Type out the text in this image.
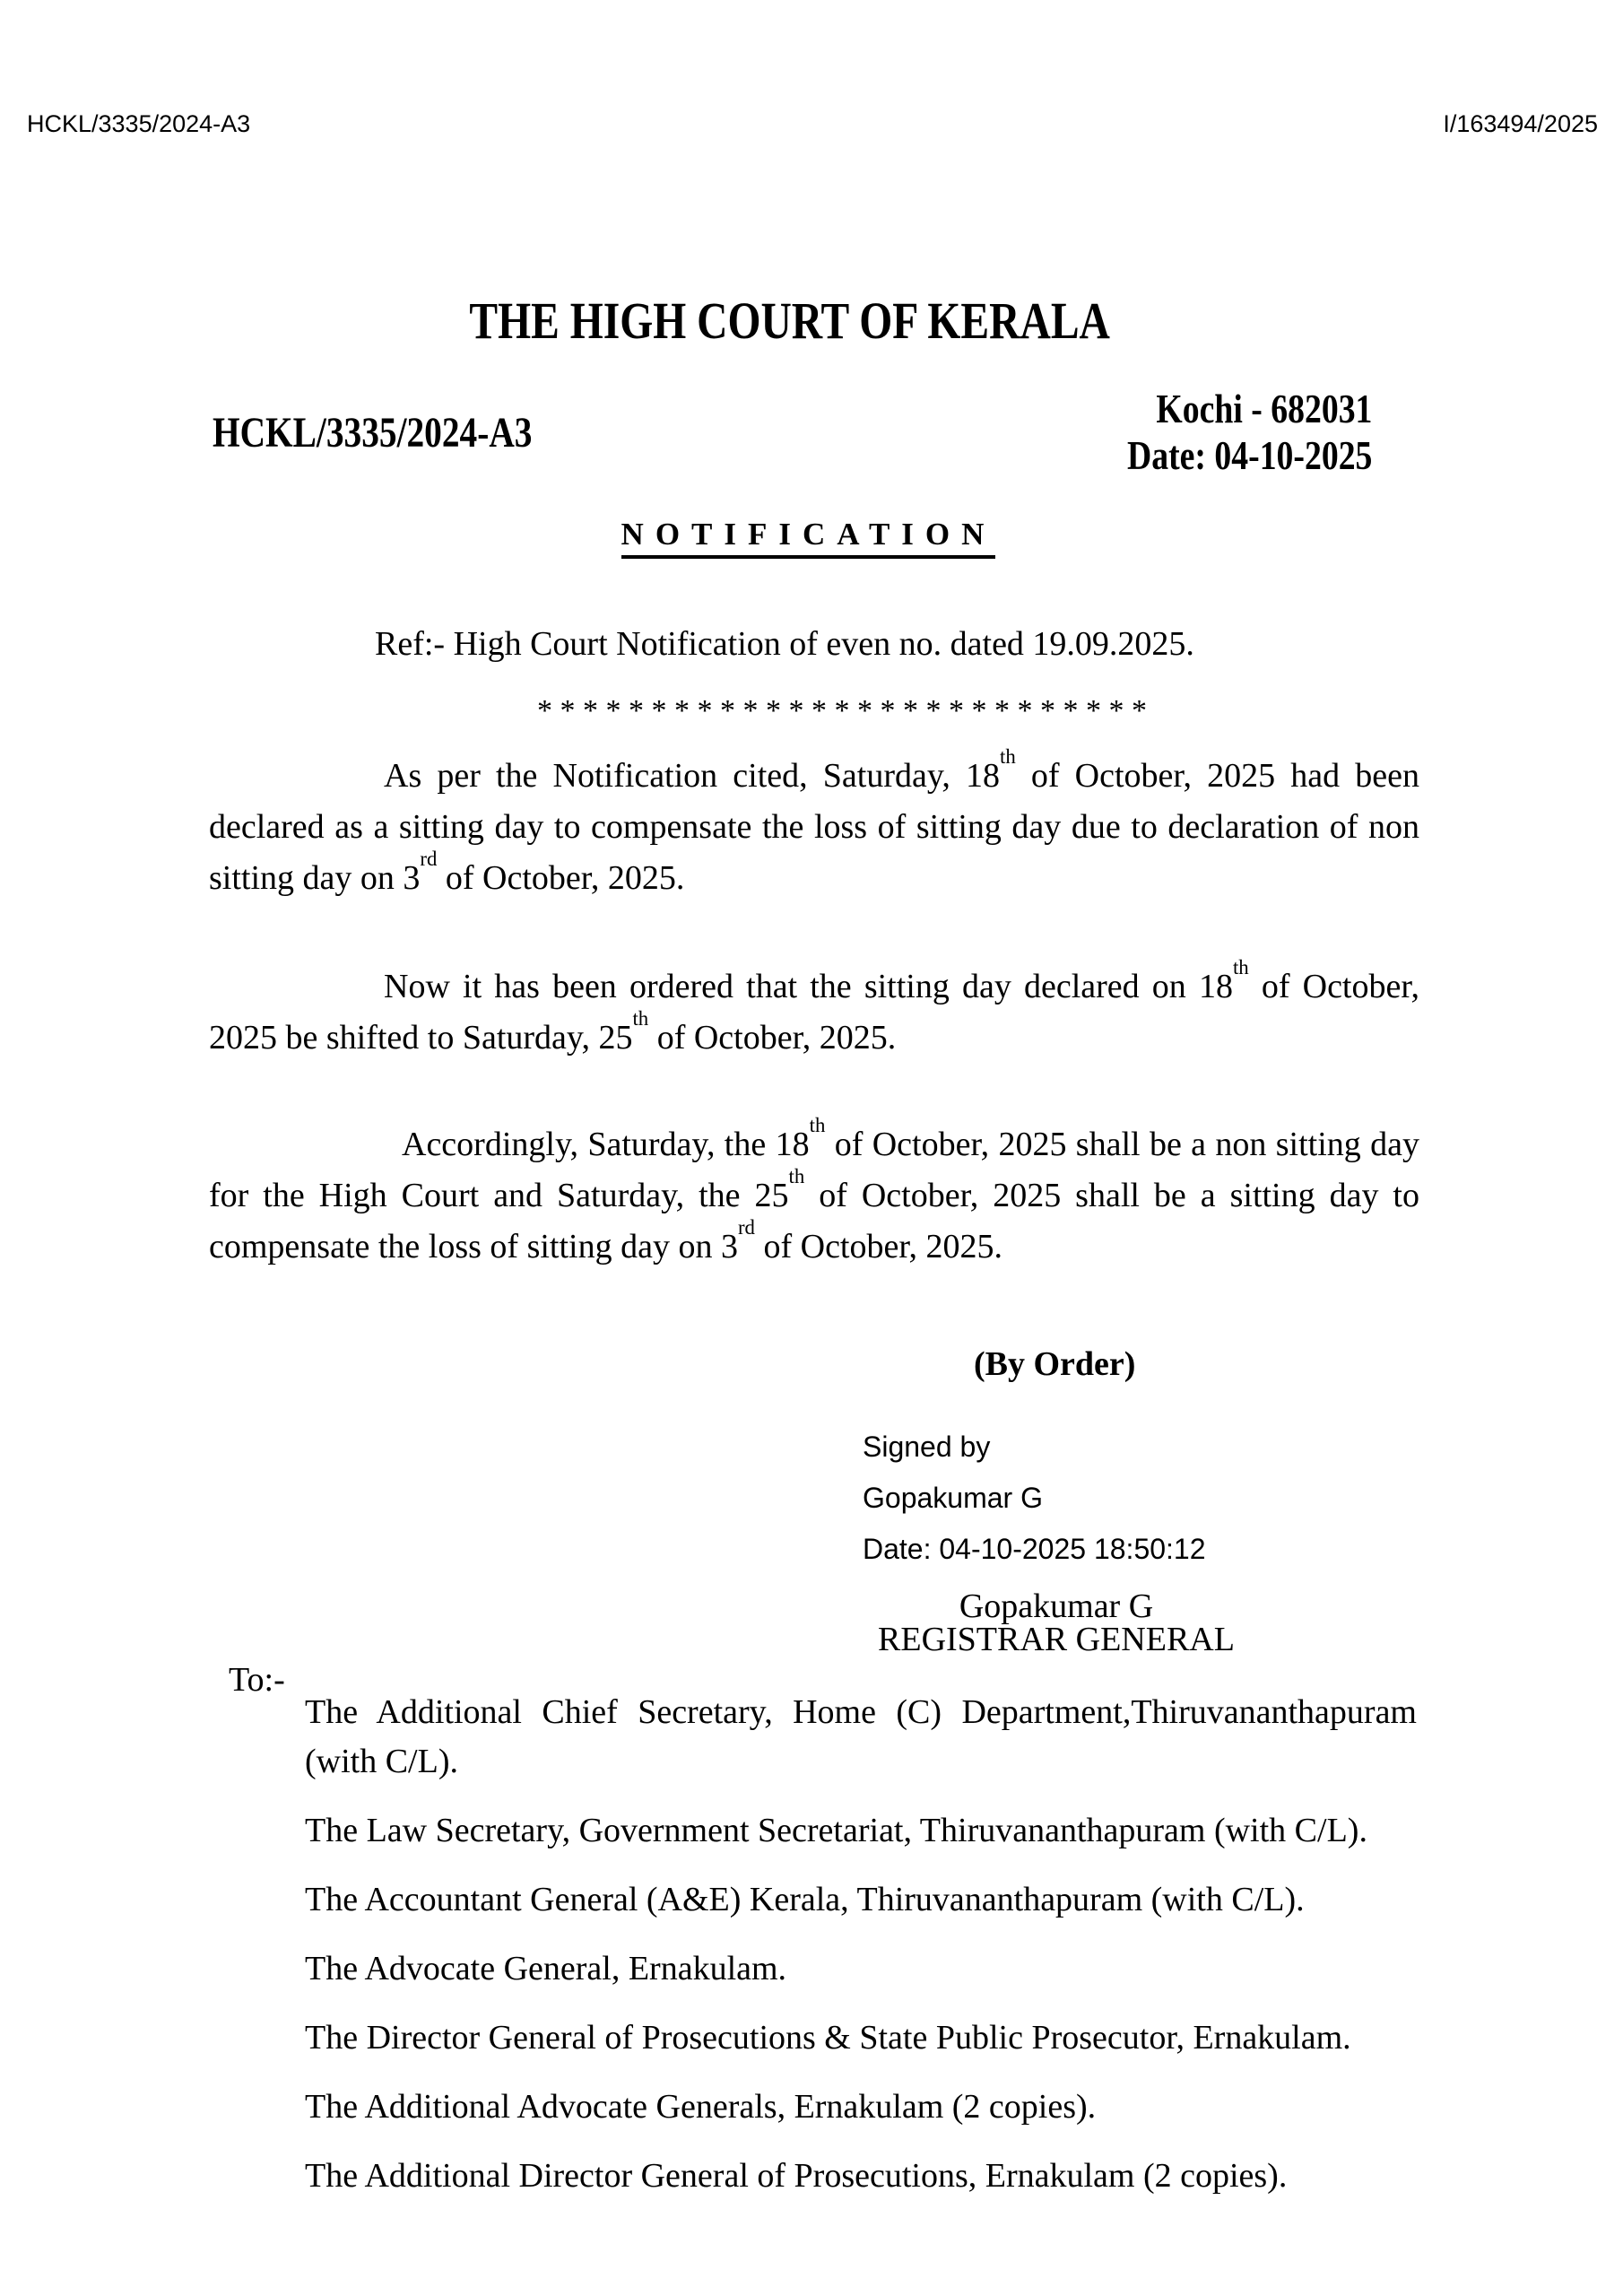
HCKL/3335/2024-A3	I/163494/2025
THE HIGH COURT OF KERALA
HCKL/3335/2024-A3
Kochi - 682031
Date: 04-10-2025
NOTIFICATION
Ref:- High Court Notification of even no. dated 19.09.2025.
* * * * * * * * * * * * * * * * * * * * * * * * * * *
As per the Notification cited, Saturday, 18th of October, 2025 had been declared as a sitting day to compensate the loss of sitting day due to declaration of non sitting day on 3rd of October, 2025.
Now it has been ordered that the sitting day declared on 18th of October, 2025 be shifted to Saturday, 25th of October, 2025.
Accordingly, Saturday, the 18th of October, 2025 shall be a non sitting day for the High Court and Saturday, the 25th of October, 2025 shall be a sitting day to compensate the loss of sitting day on 3rd of October, 2025.
(By Order)
Signed by
Gopakumar G
Date: 04-10-2025 18:50:12
Gopakumar G
REGISTRAR GENERAL
To:-
The Additional Chief Secretary, Home (C) Department,Thiruvananthapuram (with C/L).
The Law Secretary, Government Secretariat, Thiruvananthapuram (with C/L).
The Accountant General (A&E) Kerala, Thiruvananthapuram (with C/L).
The Advocate General, Ernakulam.
The Director General of Prosecutions & State Public Prosecutor, Ernakulam.
The Additional Advocate Generals, Ernakulam (2 copies).
The Additional Director General of Prosecutions, Ernakulam (2 copies).
